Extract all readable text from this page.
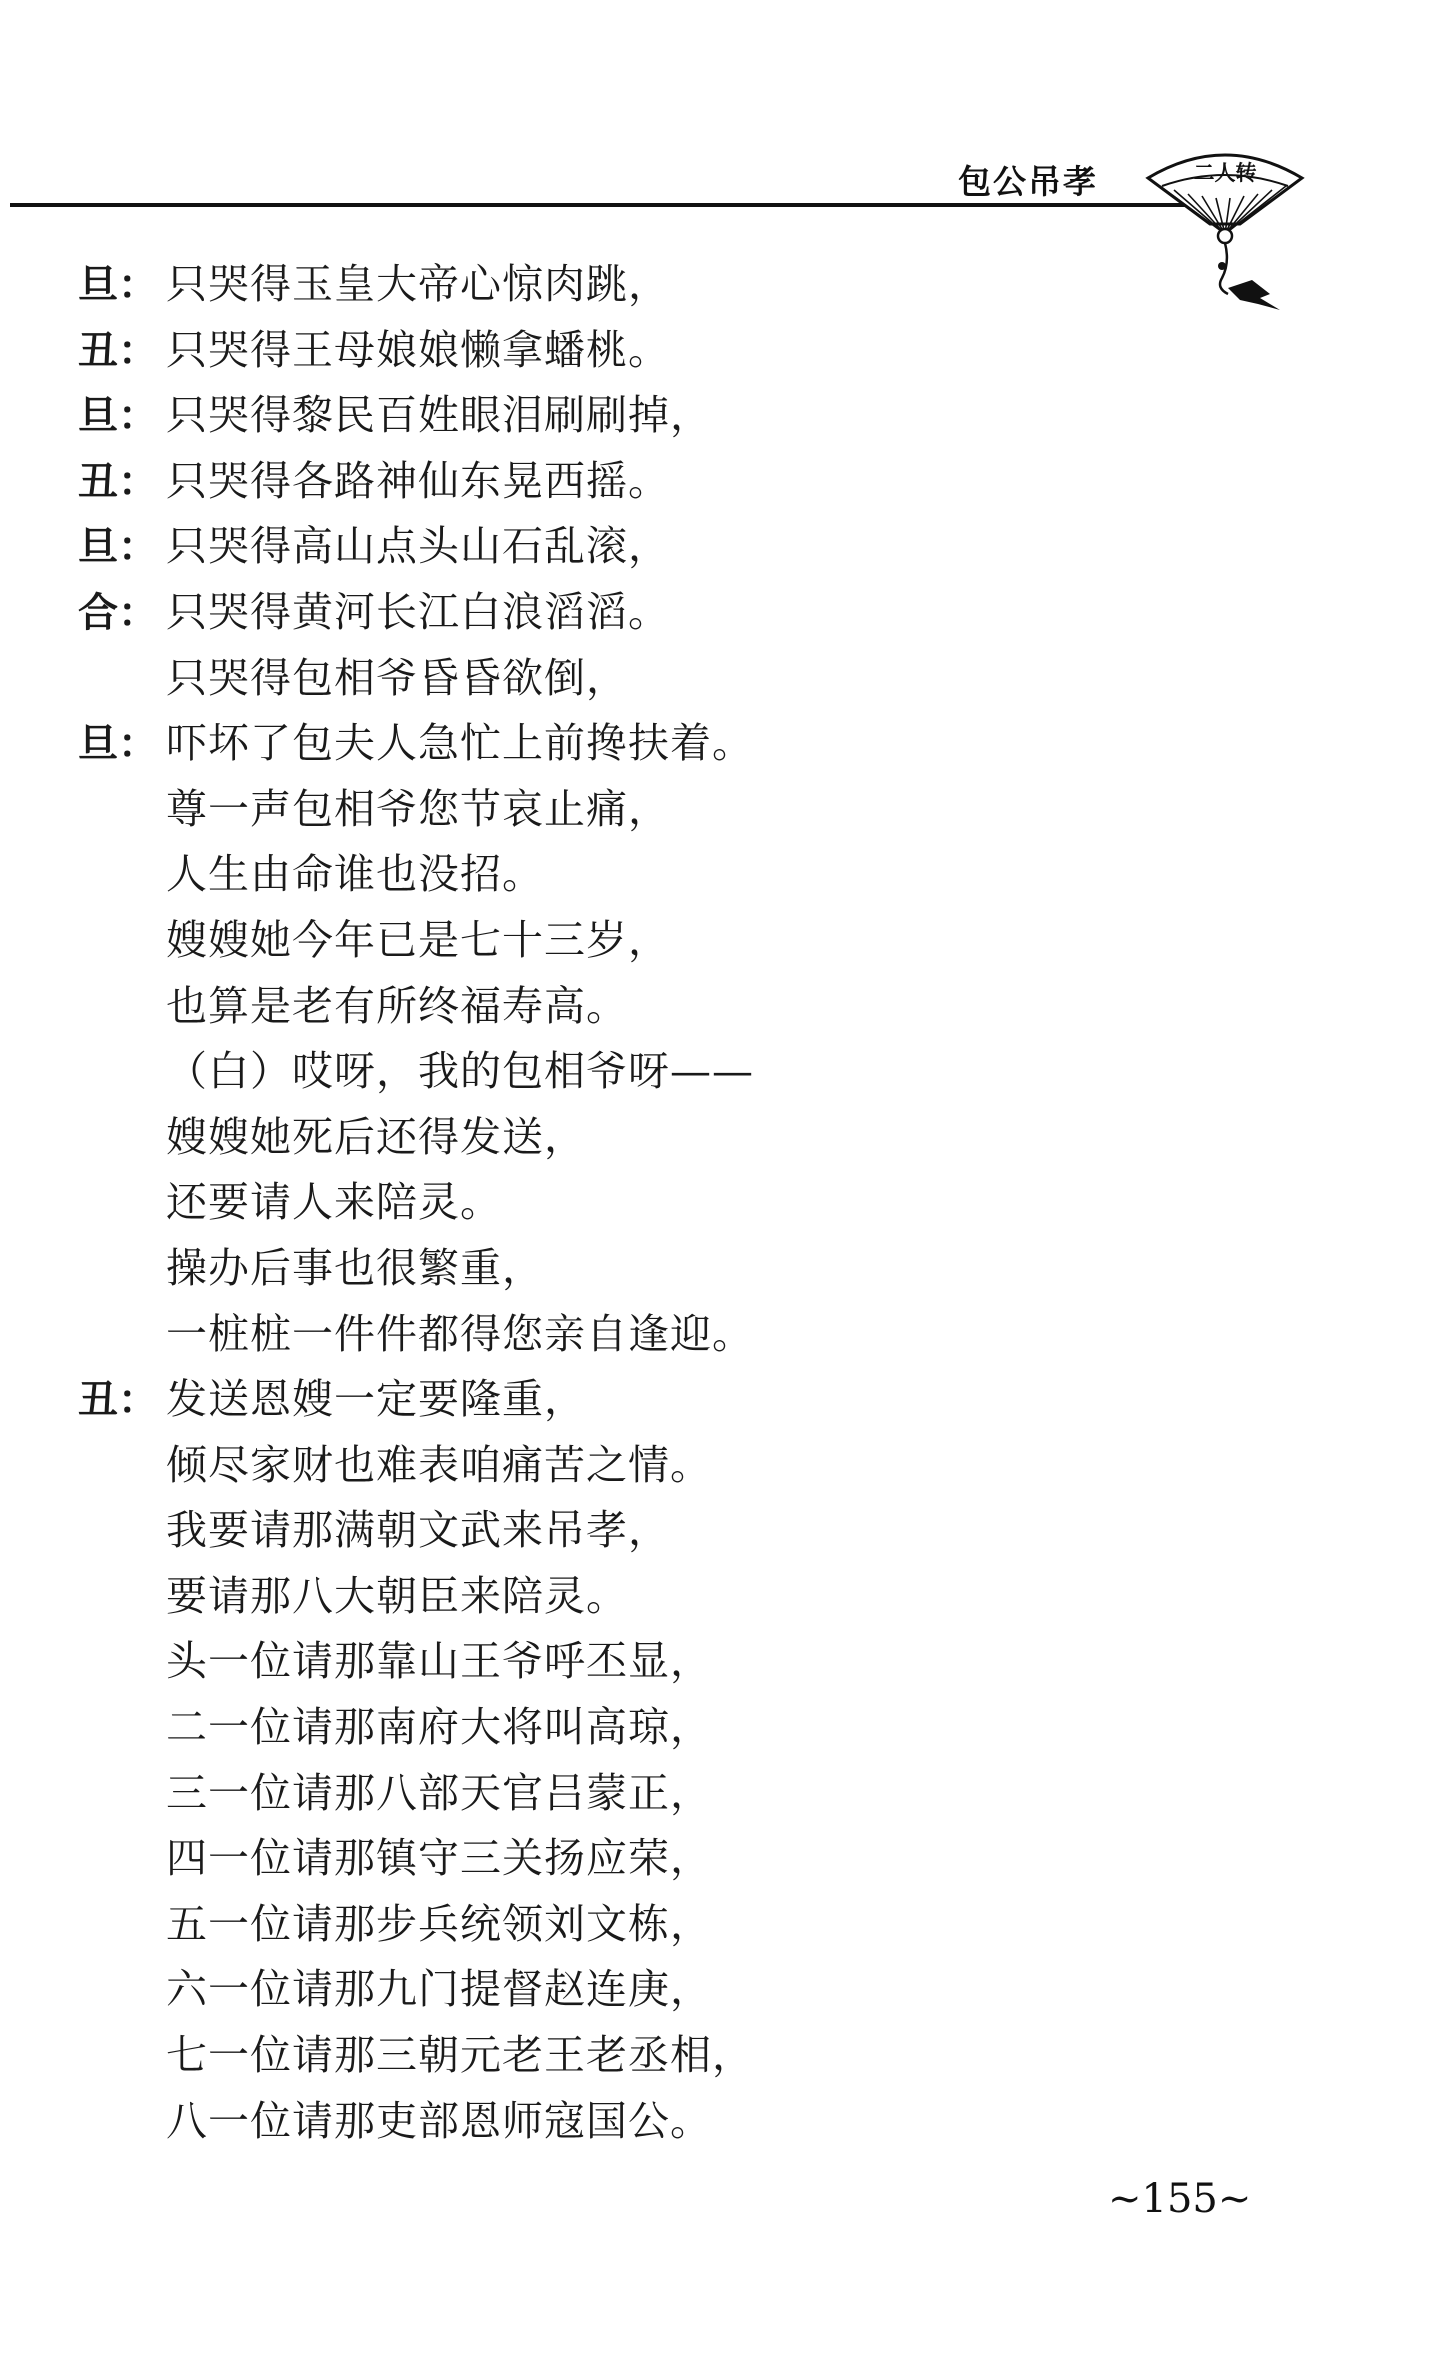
包公吊孝	二人转
旦： 只哭得玉皇大帝心惊肉跳，
丑： 只哭得王母娘娘懒拿蟠桃。
旦： 只哭得黎民百姓眼泪刷刷掉，
丑： 只哭得各路神仙东晃西摇。
旦： 只哭得高山点头山石乱滚，
合： 只哭得黄河长江白浪滔滔。
只哭得包相爷昏昏欲倒，
旦： 吓坏了包夫人急忙上前搀扶着。
尊一声包相爷您节哀止痛，
人生由命谁也没招。
嫂嫂她今年已是七十三岁，
也算是老有所终福寿高。
（白）哎呀，我的包相爷呀——
嫂嫂她死后还得发送，
还要请人来陪灵。
操办后事也很繁重，
一桩桩一件件都得您亲自逢迎。
丑： 发送恩嫂一定要隆重，
倾尽家财也难表咱痛苦之情。
我要请那满朝文武来吊孝，
要请那八大朝臣来陪灵。
头一位请那靠山王爷呼丕显，
二一位请那南府大将叫高琼，
三一位请那八部天官吕蒙正，
四一位请那镇守三关扬应荣，
五一位请那步兵统领刘文栋，
六一位请那九门提督赵连庚，
七一位请那三朝元老王老丞相，
八一位请那吏部恩师寇国公。
~155~
